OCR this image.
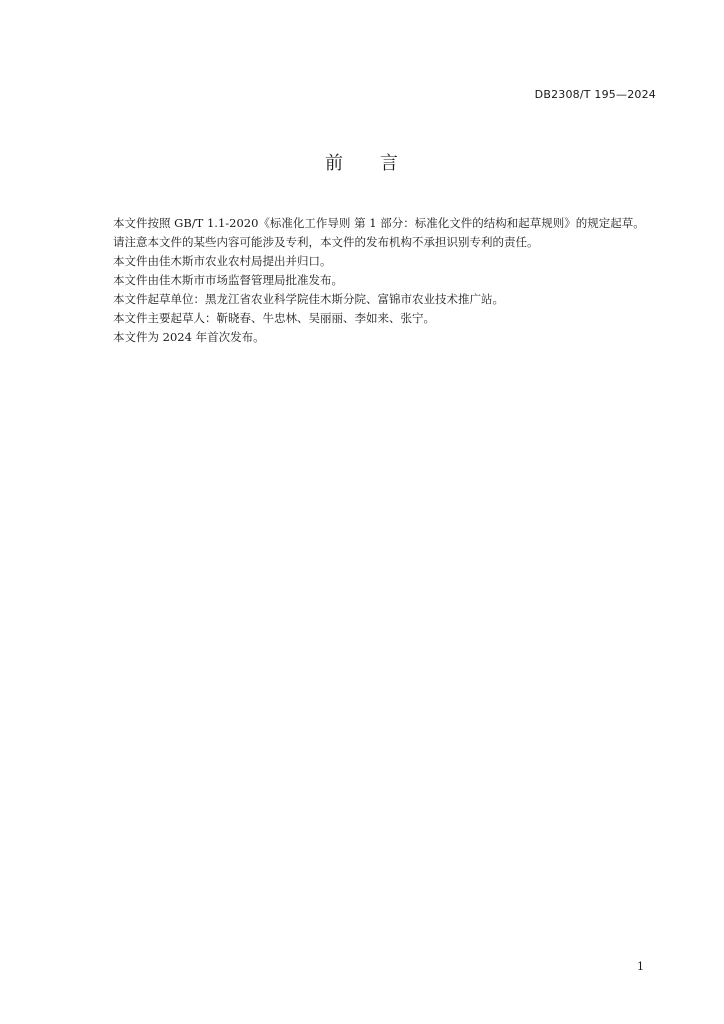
DB2308/T 195—2024
前 言

本文件按照 GB/T 1.1-2020《标准化工作导则 第 1 部分：标准化文件的结构和起草规则》的规定起草。

请注意本文件的某些内容可能涉及专利，本文件的发布机构不承担识别专利的责任。

本文件由佳木斯市农业农村局提出并归口。

本文件由佳木斯市市场监督管理局批准发布。

本文件起草单位：黑龙江省农业科学院佳木斯分院、富锦市农业技术推广站。

本文件主要起草人：靳晓春、牛忠林、吴丽丽、李如来、张宁。

本文件为 2024 年首次发布。

1
